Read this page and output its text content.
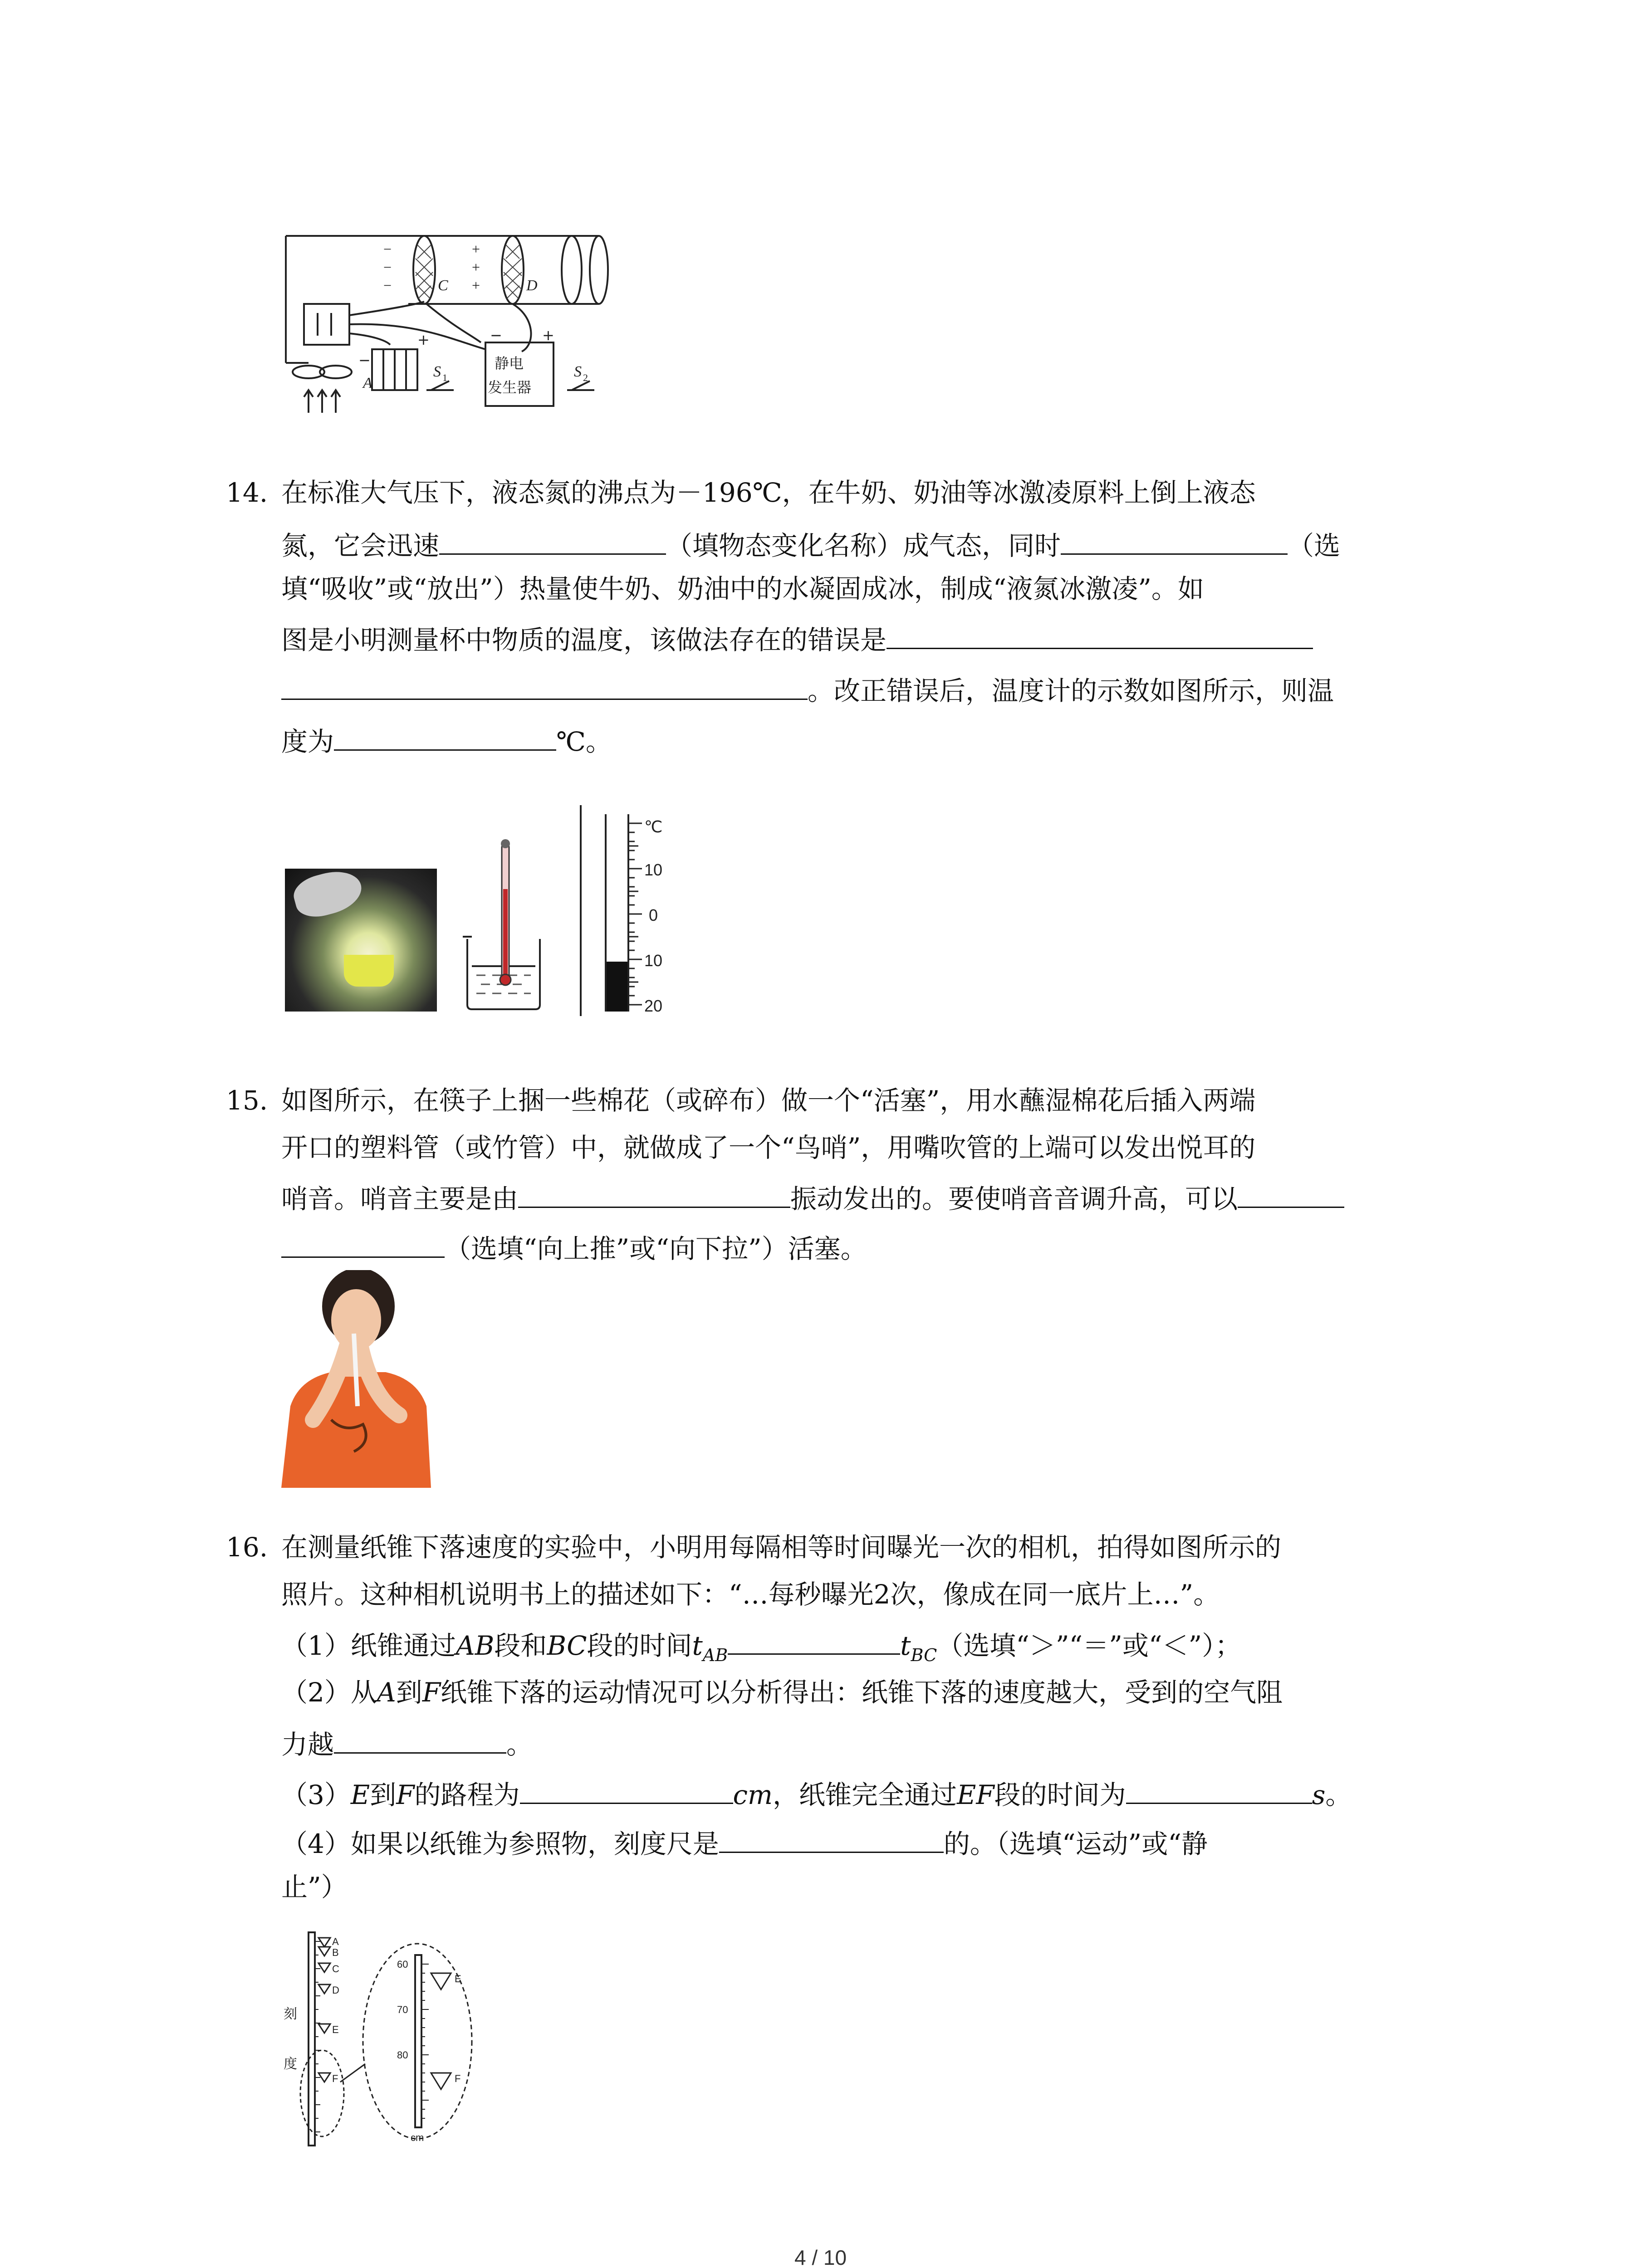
−
−
−
+
+
+
C	D
A
S	S
1	2
静电
发生器
−	+
+
−
14. 在标准大气压下，液态氮的沸点为－196℃，在牛奶、奶油等冰激凌原料上倒上液态
氮，它会迅速	（填物态变化名称）成气态，同时	（选
填“吸收”或“放出”）热量使牛奶、奶油中的水凝固成冰，制成“液氮冰激凌”。如
图是小明测量杯中物质的温度，该做法存在的错误是
。改正错误后，温度计的示数如图所示，则温
度为	℃。
℃
10
0
10
20
15. 如图所示，在筷子上捆一些棉花（或碎布）做一个“活塞”，用水蘸湿棉花后插入两端
开口的塑料管（或竹管）中，就做成了一个“鸟哨”，用嘴吹管的上端可以发出悦耳的
哨音。哨音主要是由	振动发出的。要使哨音音调升高，可以
（选填“向上推”或“向下拉”）活塞。
16. 在测量纸锥下落速度的实验中，小明用每隔相等时间曝光一次的相机，拍得如图所示的
照片。这种相机说明书上的描述如下：“…每秒曝光2次，像成在同一底片上…”。
（1）纸锥通过AB段和BC段的时间$t_{AB}$	$t_{BC}$（选填“＞”“＝”或“＜”）；
（2）从A到F纸锥下落的运动情况可以分析得出：纸锥下落的速度越大，受到的空气阻
力越	。
（3）E到F的路程为	cm，纸锥完全通过EF段的时间为	s。
（4）如果以纸锥为参照物，刻度尺是	的。（选填“运动”或“静
止”）
A
B
C
D
E
F
60
70
80
E
F
cm
刻
度
4 / 10
